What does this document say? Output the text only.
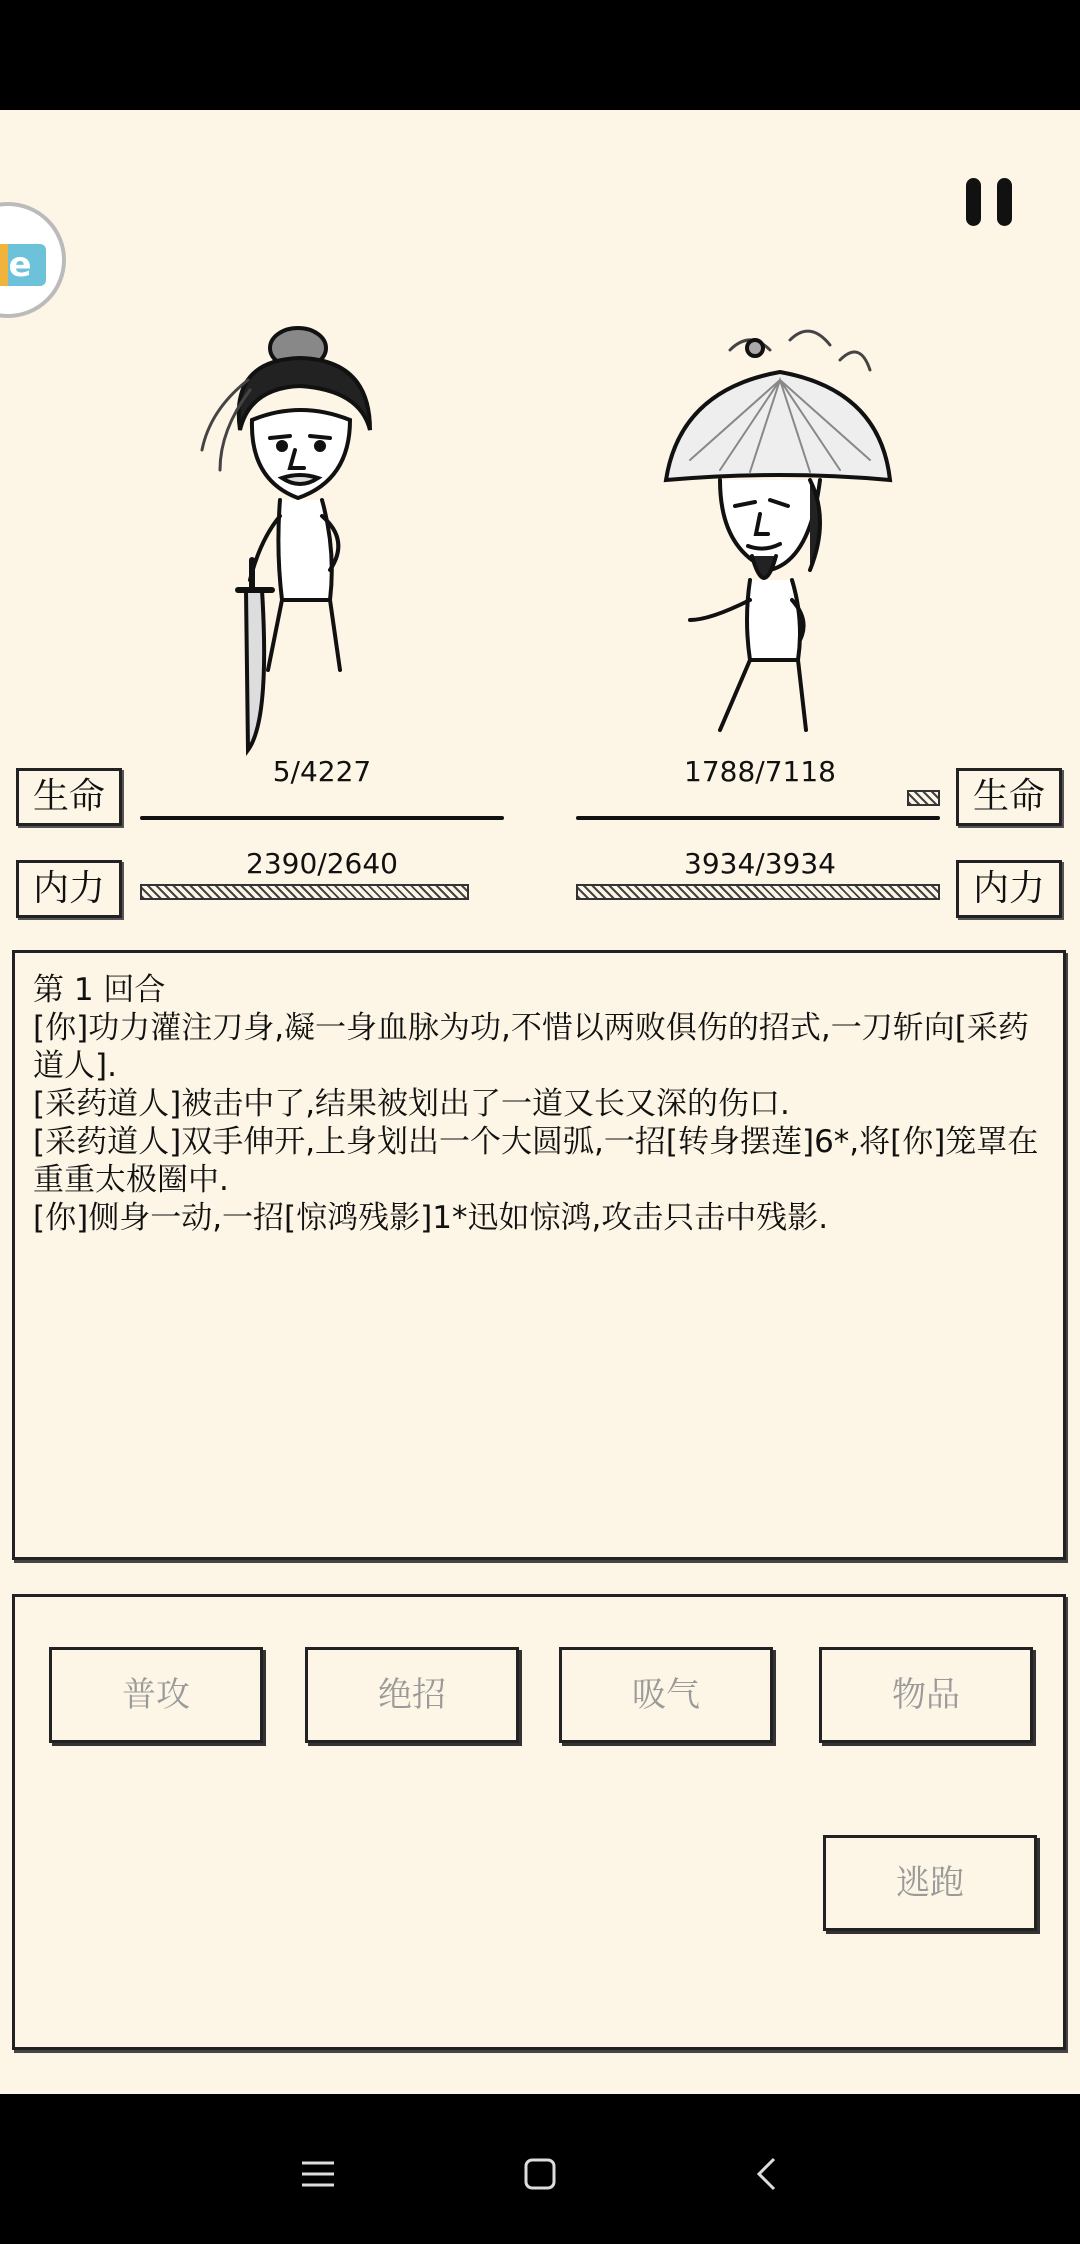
e
生命
5/4227
内力
2390/2640
生命
1788/7118
内力
3934/3934

第 1 回合

[你]功力灌注刀身,凝一身血脉为功,不惜以两败俱伤的招式,一刀斩向[采药道人].

[采药道人]被击中了,结果被划出了一道又长又深的伤口.

[采药道人]双手伸开,上身划出一个大圆弧,一招[转身摆莲]6*,将[你]笼罩在重重太极圈中.

[你]侧身一动,一招[惊鸿残影]1*迅如惊鸿,攻击只击中残影.

普攻	绝招	吸气	物品
逃跑
